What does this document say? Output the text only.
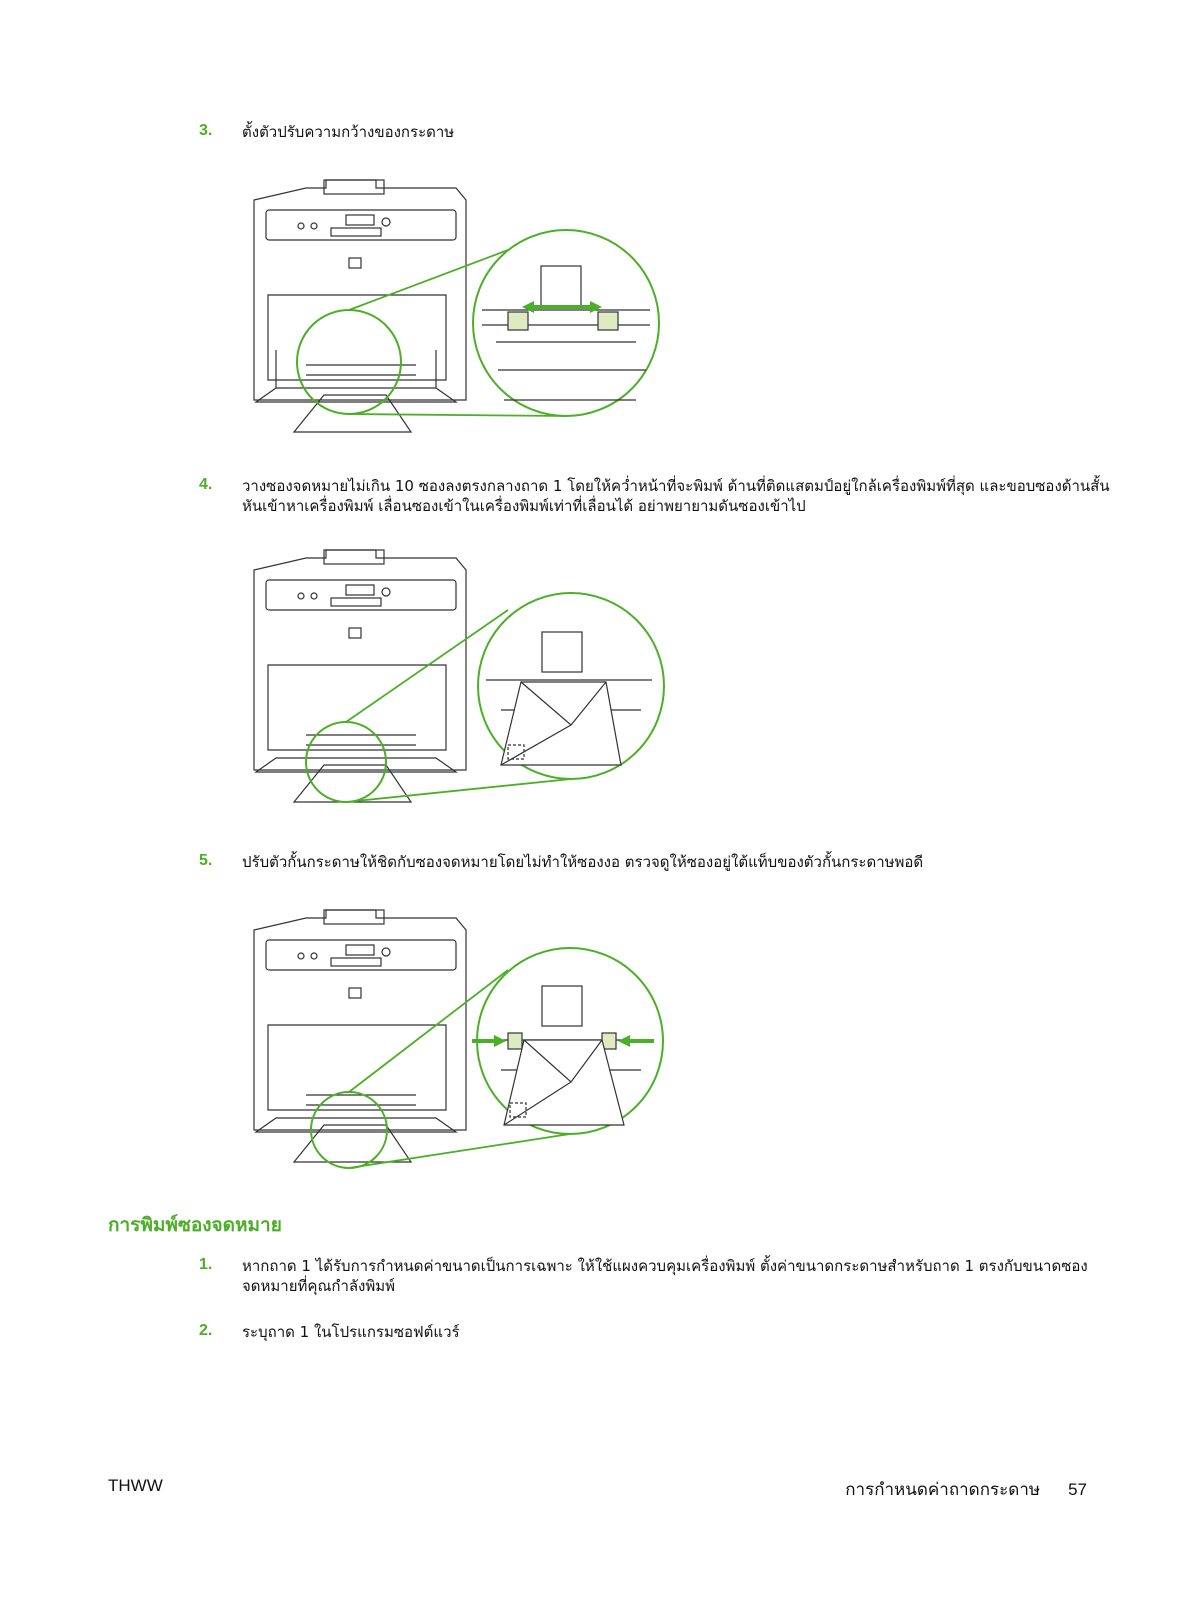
3. ตั้งตัวปรับความกว้างของกระดาษ
4. วางซองจดหมายไม่เกิน 10 ซองลงตรงกลางถาด 1 โดยให้คว่ำหน้าที่จะพิมพ์ ด้านที่ติดแสตมป์อยู่ใกล้เครื่องพิมพ์ที่สุด และขอบซองด้านสั้นหันเข้าหาเครื่องพิมพ์ เลื่อนซองเข้าในเครื่องพิมพ์เท่าที่เลื่อนได้ อย่าพยายามดันซองเข้าไป
5. ปรับตัวกั้นกระดาษให้ชิดกับซองจดหมายโดยไม่ทำให้ซองงอ ตรวจดูให้ซองอยู่ใต้แท็บของตัวกั้นกระดาษพอดี
การพิมพ์ซองจดหมาย
1. หากถาด 1 ได้รับการกำหนดค่าขนาดเป็นการเฉพาะ ให้ใช้แผงควบคุมเครื่องพิมพ์ ตั้งค่าขนาดกระดาษสำหรับถาด 1 ตรงกับขนาดซองจดหมายที่คุณกำลังพิมพ์
2. ระบุถาด 1 ในโปรแกรมซอฟต์แวร์
THWW	การกำหนดค่าถาดกระดาษ 57
